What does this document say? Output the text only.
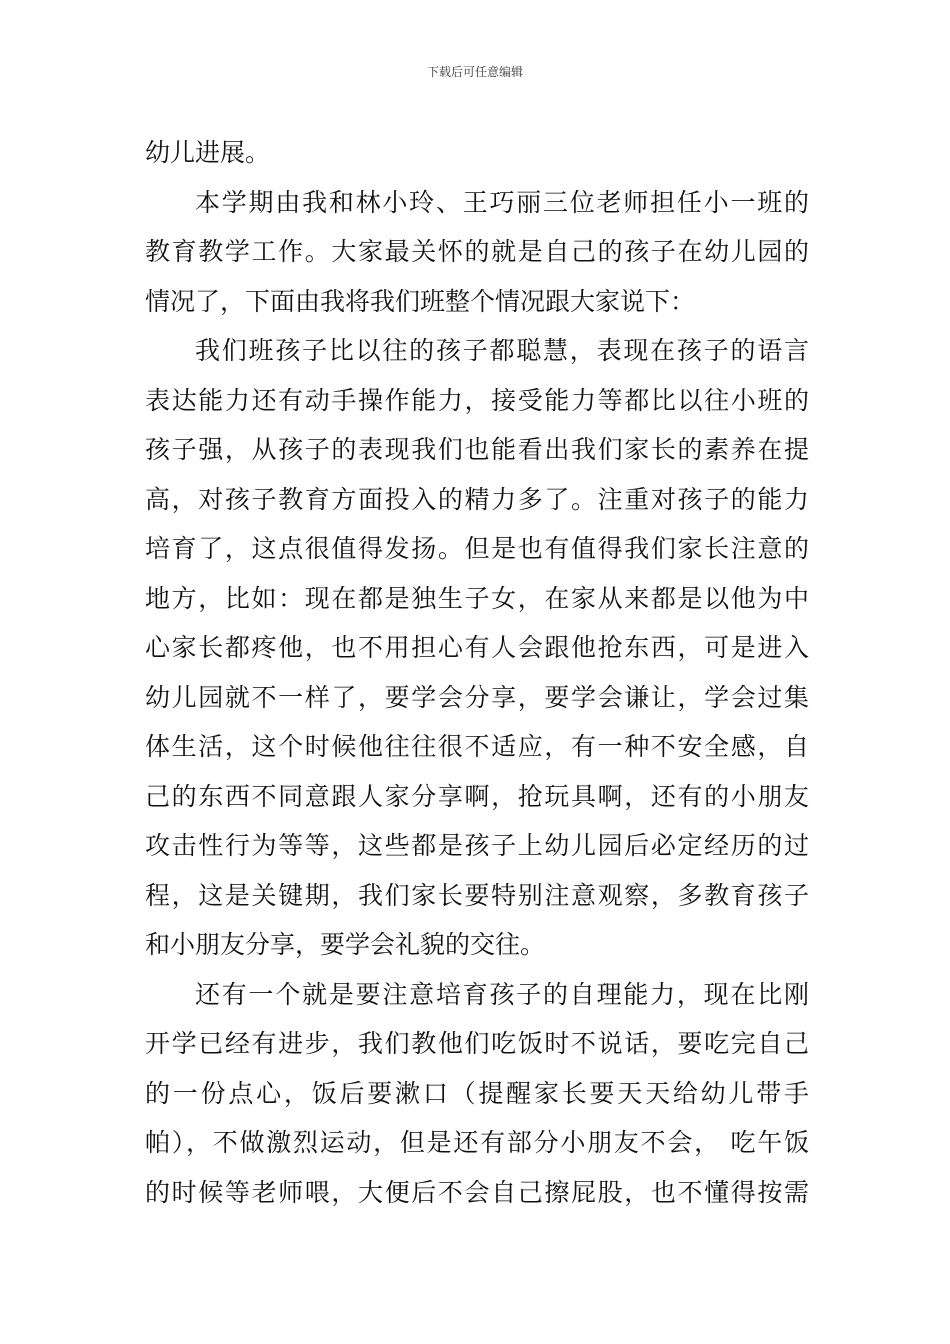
下载后可任意编辑
幼儿进展。
本学期由我和林小玲、王巧丽三位老师担任小一班的
教育教学工作。大家最关怀的就是自己的孩子在幼儿园的
情况了，下面由我将我们班整个情况跟大家说下：
我们班孩子比以往的孩子都聪慧，表现在孩子的语言
表达能力还有动手操作能力，接受能力等都比以往小班的
孩子强，从孩子的表现我们也能看出我们家长的素养在提
高，对孩子教育方面投入的精力多了。注重对孩子的能力
培育了，这点很值得发扬。但是也有值得我们家长注意的
地方，比如：现在都是独生子女，在家从来都是以他为中
心家长都疼他，也不用担心有人会跟他抢东西，可是进入
幼儿园就不一样了，要学会分享，要学会谦让，学会过集
体生活，这个时候他往往很不适应，有一种不安全感，自
己的东西不同意跟人家分享啊，抢玩具啊，还有的小朋友
攻击性行为等等，这些都是孩子上幼儿园后必定经历的过
程，这是关键期，我们家长要特别注意观察，多教育孩子
和小朋友分享，要学会礼貌的交往。
还有一个就是要注意培育孩子的自理能力，现在比刚
开学已经有进步，我们教他们吃饭时不说话，要吃完自己
的一份点心，饭后要漱口（提醒家长要天天给幼儿带手
帕），不做激烈运动，但是还有部分小朋友不会， 吃午饭
的时候等老师喂，大便后不会自己擦屁股，也不懂得按需
